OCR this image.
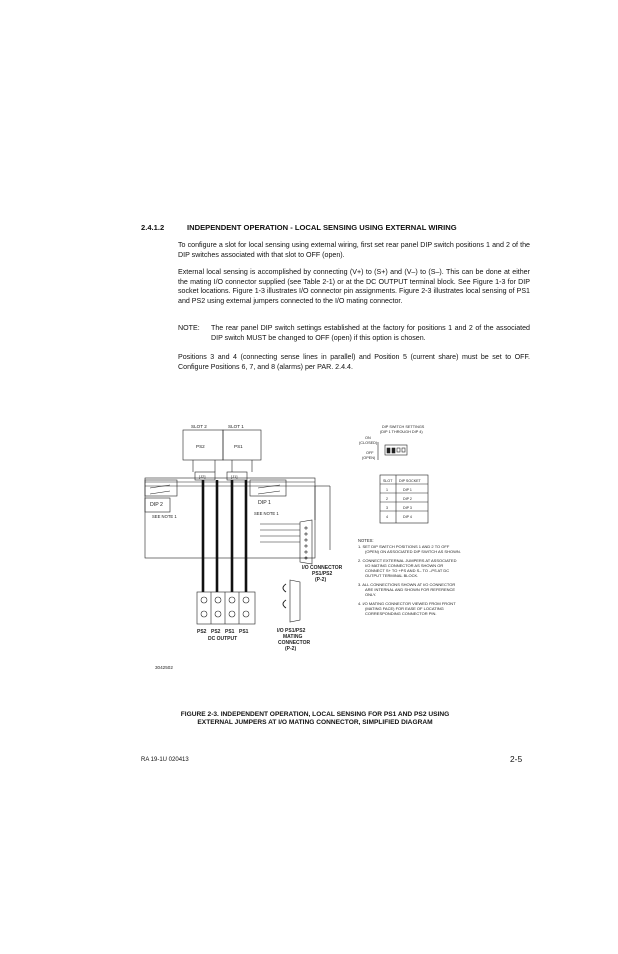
2.4.1.2	INDEPENDENT OPERATION - LOCAL SENSING USING EXTERNAL WIRING

To configure a slot for local sensing using external wiring, first set rear panel DIP switch positions 1 and 2 of the DIP switches associated with that slot to OFF (open).

External local sensing is accomplished by connecting (V+) to (S+) and (V–) to (S–). This can be done at either the mating I/O connector supplied (see Table 2-1) or at the DC OUTPUT terminal block. See Figure 1-3 for DIP socket locations. Figure 1-3 illustrates I/O connector pin assignments. Figure 2-3 illustrates local sensing of PS1 and PS2 using external jumpers connected to the I/O mating connector.

NOTE: The rear panel DIP switch settings established at the factory for positions 1 and 2 of the associated DIP switch MUST be changed to OFF (open) if this option is chosen.

Positions 3 and 4 (connecting sense lines in parallel) and Position 5 (current share) must be set to OFF. Configure Positions 6, 7, and 8 (alarms) per PAR. 2.4.4.

SLOT 2	SLOT 1
PS2	PS1
[J2]	[J1]
DIP 2	DIP 1
SEE NOTE 1
SEE NOTE 1
DIP SWITCH SETTINGS
(DIP 1 THROUGH DIP 4)
ON
(CLOSED)
OFF
(OPEN)
SLOT DIP SOCKET
1	DIP 1
2	DIP 2
3	DIP 3
4	DIP 4
NOTES:
1. SET DIP SWITCH POSITIONS 1 AND 2 TO OFF
(OPEN) ON ASSOCIATED DIP SWITCH AS SHOWN.
2. CONNECT EXTERNAL JUMPERS AT ASSOCIATED
I/O MATING CONNECTOR AS SHOWN OR
CONNECT S+ TO +PS AND S– TO –PS AT DC
OUTPUT TERMINAL BLOCK.
3. ALL CONNECTIONS SHOWN AT I/O CONNECTOR
ARE INTERNAL AND SHOWN FOR REFERENCE
ONLY.
4. I/O MATING CONNECTOR VIEWED FROM FRONT
(MATING FACE) FOR EASE OF LOCATING
CORRESPONDING CONNECTOR PIN.
I/O CONNECTOR
PS1/PS2
(P-2)
I/O PS1/PS2
MATING
CONNECTOR
(P-2)
PS2 PS2 PS1 PS1
DC OUTPUT
3042502
FIGURE 2-3. INDEPENDENT OPERATION, LOCAL SENSING FOR PS1 AND PS2 USING
EXTERNAL JUMPERS AT I/O MATING CONNECTOR, SIMPLIFIED DIAGRAM
RA 19-1U 020413	2-5
